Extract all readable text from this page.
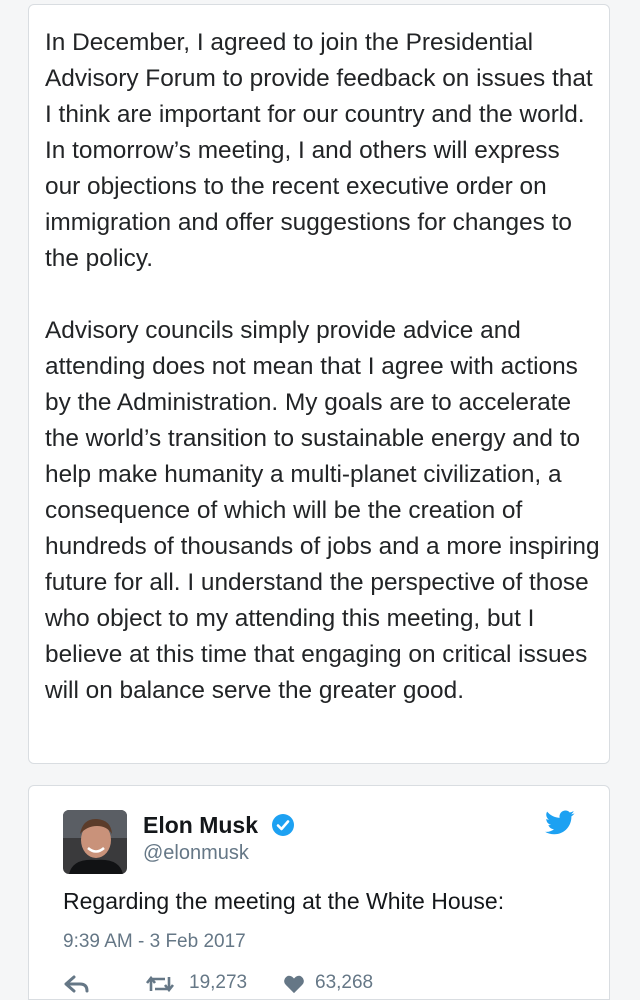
In December, I agreed to join the Presidential Advisory Forum to provide feedback on issues that I think are important for our country and the world. In tomorrow’s meeting, I and others will express our objections to the recent executive order on immigration and offer suggestions for changes to the policy.

Advisory councils simply provide advice and attending does not mean that I agree with actions by the Administration. My goals are to accelerate the world’s transition to sustainable energy and to help make humanity a multi-planet civilization, a consequence of which will be the creation of hundreds of thousands of jobs and a more inspiring future for all. I understand the perspective of those who object to my attending this meeting, but I believe at this time that engaging on critical issues will on balance serve the greater good.

Elon Musk
@elonmusk
Regarding the meeting at the White House:
9:39 AM - 3 Feb 2017
19,273	63,268
